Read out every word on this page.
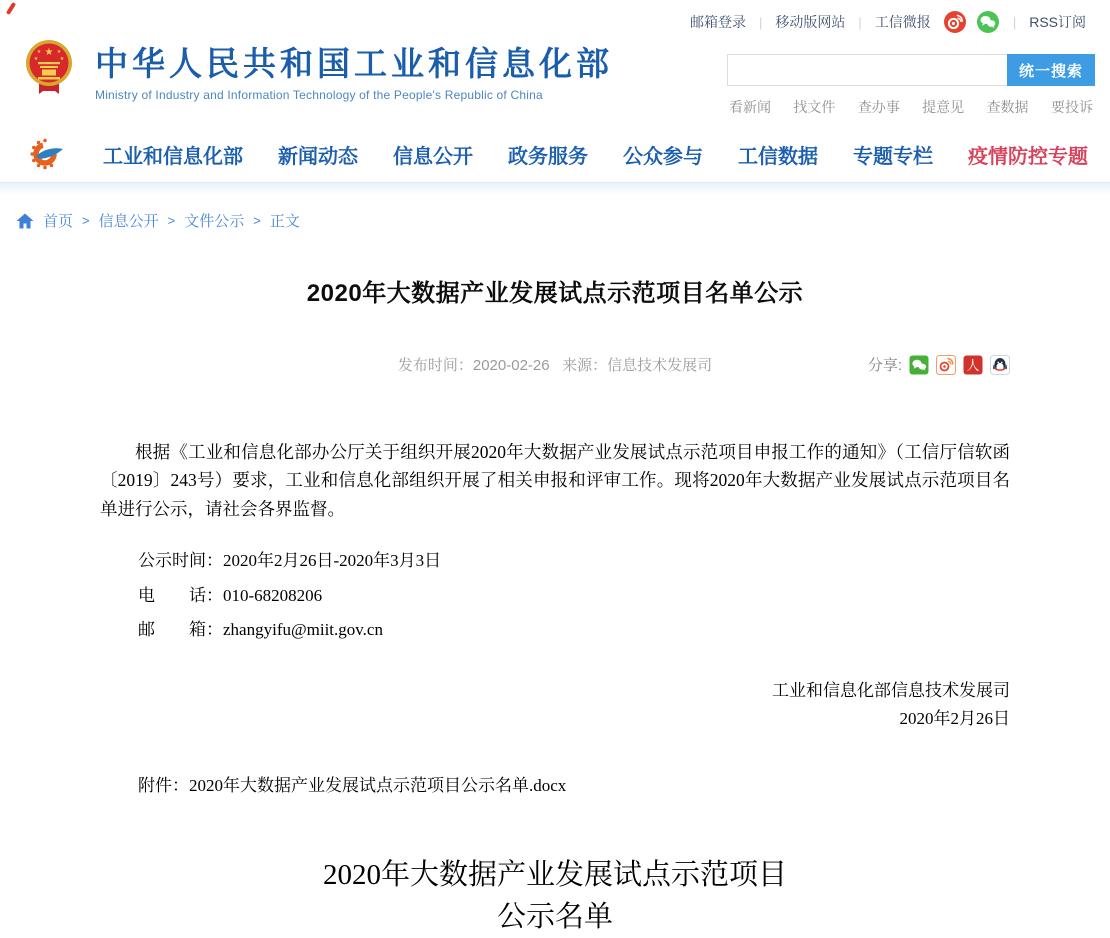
邮箱登录 | 移动版网站 | 工信微报	| RSS订阅
★
★	★
★	★ 中华人民共和国工业和信息化部
Ministry of Industry and Information Technology of the People's Republic of China
统一搜索
看新闻 找文件 查办事 提意见 查数据 要投诉
工业和信息化部 新闻动态 信息公开 政务服务 公众参与 工信数据 专题专栏 疫情防控专题
首页 > 信息公开 > 文件公示 > 正文
2020年大数据产业发展试点示范项目名单公示
发布时间：2020-02-26 来源：信息技术发展司	分享:	人
根据《工业和信息化部办公厅关于组织开展2020年大数据产业发展试点示范项目申报工作的通知》（工信厅信软函〔2019〕243号）要求，工业和信息化部组织开展了相关申报和评审工作。现将2020年大数据产业发展试点示范项目名单进行公示，请社会各界监督。
公示时间：2020年2月26日-2020年3月3日
电　　话：010-68208206
邮　　箱：zhangyifu@miit.gov.cn
工业和信息化部信息技术发展司
2020年2月26日
附件：2020年大数据产业发展试点示范项目公示名单.docx
2020年大数据产业发展试点示范项目
公示名单
